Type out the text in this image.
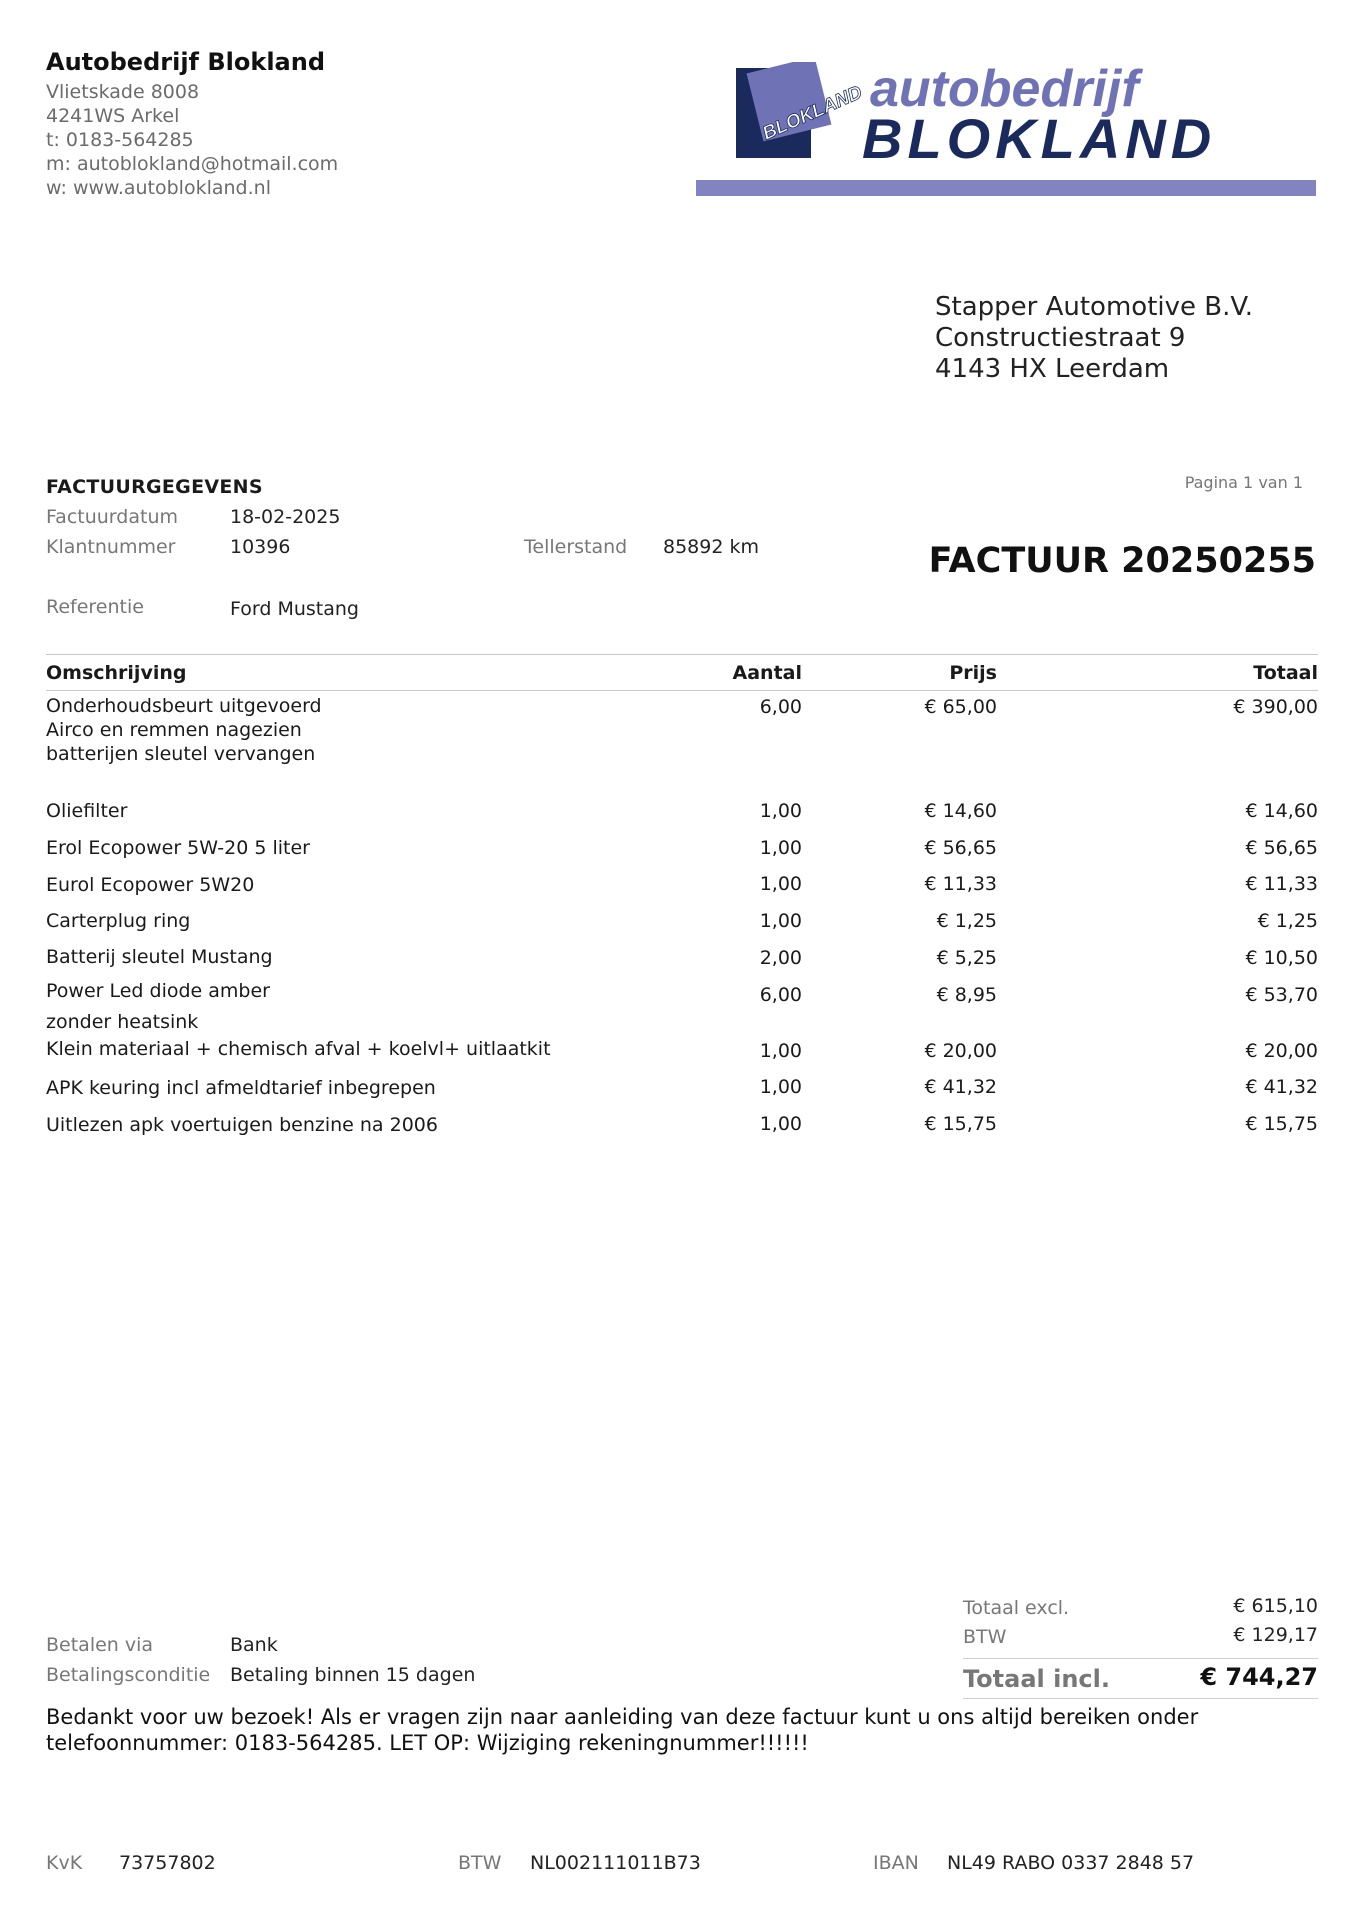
Autobedrijf Blokland
Vlietskade 8008
4241WS Arkel
t: 0183-564285
m: autoblokland@hotmail.com
w: www.autoblokland.nl
BLOKLAND autobedrijf
BLOKLAND
Stapper Automotive B.V.
Constructiestraat 9
4143 HX Leerdam
FACTUURGEGEVENS	Pagina 1 van 1
FACTUUR 20250255
Factuurdatum	18-02-2025
Klantnummer	10396	Tellerstand 85892 km
Referentie	Ford Mustang
Omschrijving	Aantal	Prijs	Totaal
Onderhoudsbeurt uitgevoerd
Airco en remmen nagezien
batterijen sleutel vervangen
6,00	€ 65,00	€ 390,00
Oliefilter	1,00	€ 14,60	€ 14,60
Erol Ecopower 5W-20 5 liter	1,00	€ 56,65	€ 56,65
Eurol Ecopower 5W20	1,00	€ 11,33	€ 11,33
Carterplug ring	1,00	€ 1,25	€ 1,25
Batterij sleutel Mustang	2,00	€ 5,25	€ 10,50
Power Led diode amber
zonder heatsink
6,00	€ 8,95	€ 53,70
Klein materiaal + chemisch afval + koelvl+ uitlaatkit	1,00	€ 20,00	€ 20,00
APK keuring incl afmeldtarief inbegrepen	1,00	€ 41,32	€ 41,32
Uitlezen apk voertuigen benzine na 2006	1,00	€ 15,75	€ 15,75
Totaal excl.	€ 615,10
BTW	€ 129,17
Totaal incl.	€ 744,27
Betalen via	Bank
Betalingsconditie Betaling binnen 15 dagen
Bedankt voor uw bezoek! Als er vragen zijn naar aanleiding van deze factuur kunt u ons altijd bereiken onder
telefoonnummer: 0183-564285. LET OP: Wijziging rekeningnummer!!!!!!
KvK 73757802	BTW NL002111011B73	IBAN NL49 RABO 0337 2848 57
